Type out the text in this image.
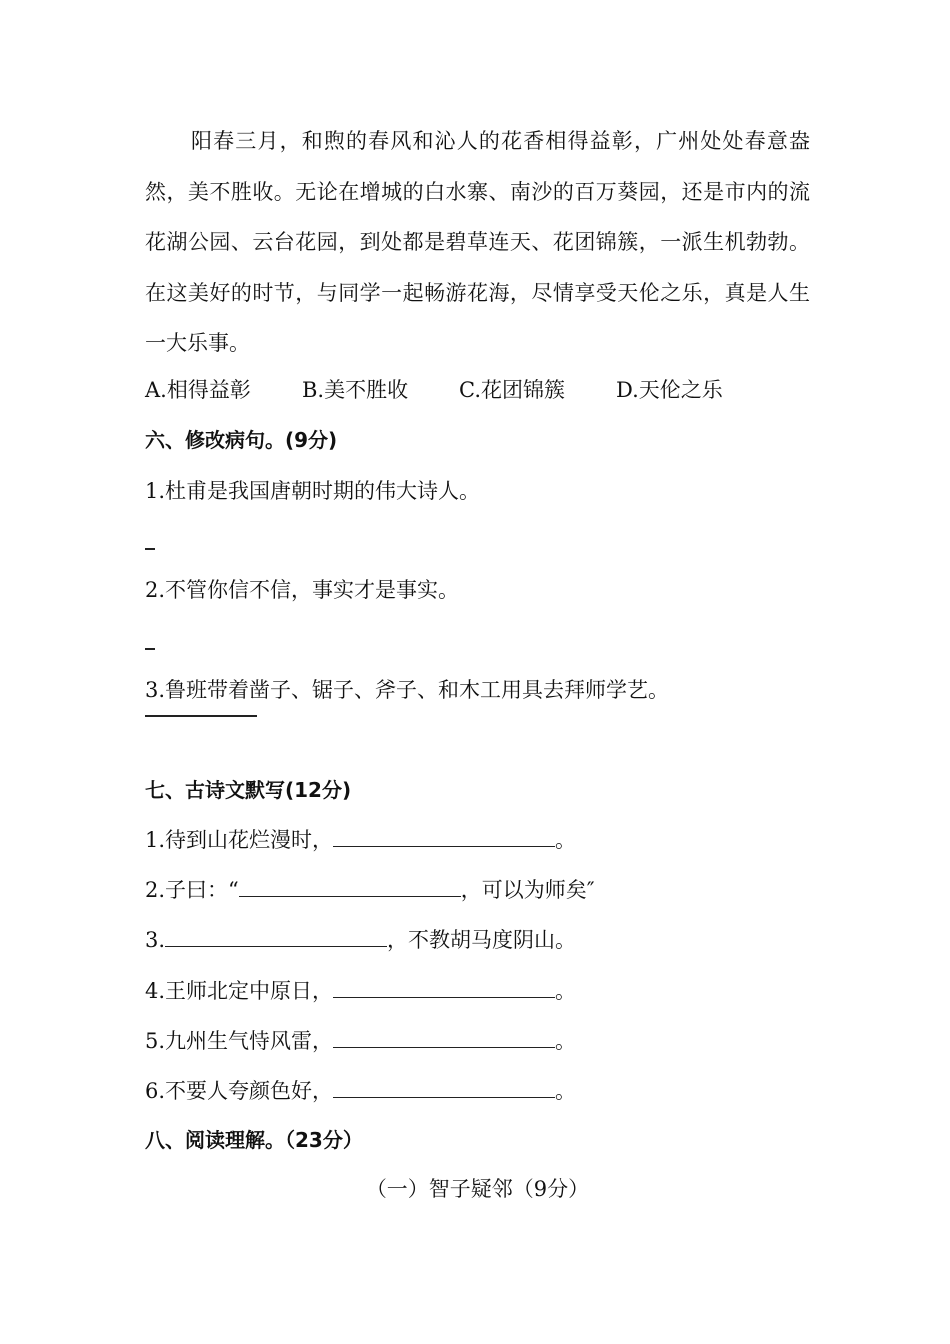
阳春三月，和煦的春风和沁人的花香相得益彰，广州处处春意盎然，美不胜收。无论在增城的白水寨、南沙的百万葵园，还是市内的流花湖公园、云台花园，到处都是碧草连天、花团锦簇，一派生机勃勃。在这美好的时节，与同学一起畅游花海，尽情享受天伦之乐，真是人生一大乐事。
A.相得益彰 B.美不胜收 C.花团锦簇 D.天伦之乐
六、修改病句。(9分)
1.杜甫是我国唐朝时期的伟大诗人。
2.不管你信不信，事实才是事实。
3.鲁班带着凿子、锯子、斧子、和木工用具去拜师学艺。
七、古诗文默写(12分)
1.待到山花烂漫时，	。
2.子曰：“	，可以为师矣″
3.	，不教胡马度阴山。
4.王师北定中原日，	。
5.九州生气恃风雷，	。
6.不要人夸颜色好，	。
八、阅读理解。（23分）
（一）智子疑邻（9分）
